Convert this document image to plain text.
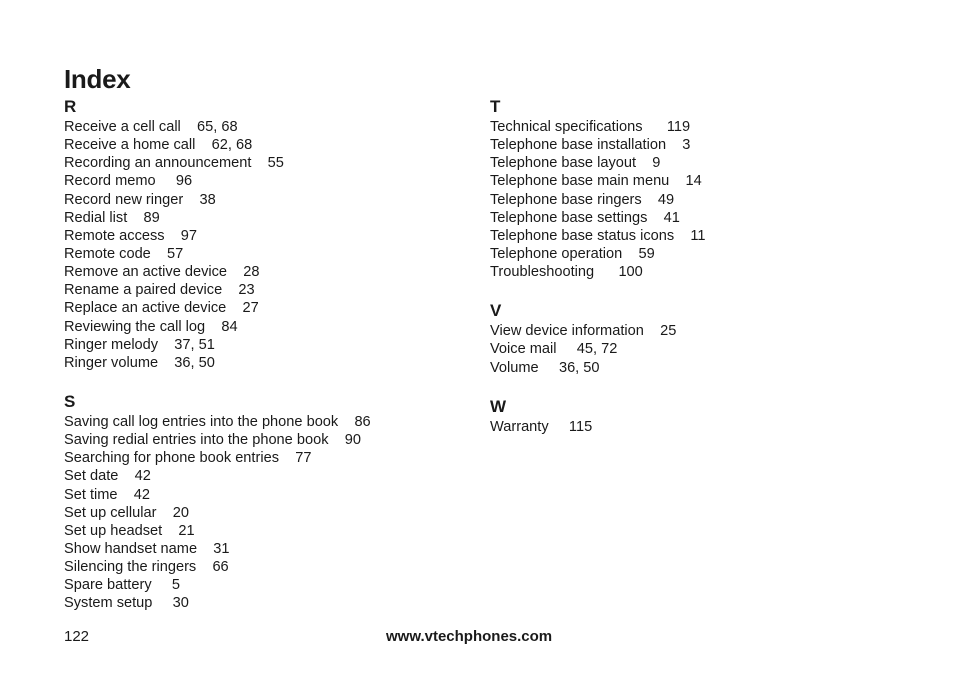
Index
R
Receive a cell call    65, 68
Receive a home call    62, 68
Recording an announcement    55
Record memo     96
Record new ringer    38
Redial list    89
Remote access    97
Remote code    57
Remove an active device    28
Rename a paired device    23
Replace an active device    27
Reviewing the call log    84
Ringer melody    37, 51
Ringer volume    36, 50
S
Saving call log entries into the phone book    86
Saving redial entries into the phone book    90
Searching for phone book entries    77
Set date    42
Set time    42
Set up cellular    20
Set up headset    21
Show handset name    31
Silencing the ringers    66
Spare battery     5
System setup     30
T
Technical specifications      119
Telephone base installation    3
Telephone base layout    9
Telephone base main menu    14
Telephone base ringers    49
Telephone base settings    41
Telephone base status icons    11
Telephone operation    59
Troubleshooting      100
V
View device information    25
Voice mail     45, 72
Volume     36, 50
W
Warranty     115
122	www.vtechphones.com
